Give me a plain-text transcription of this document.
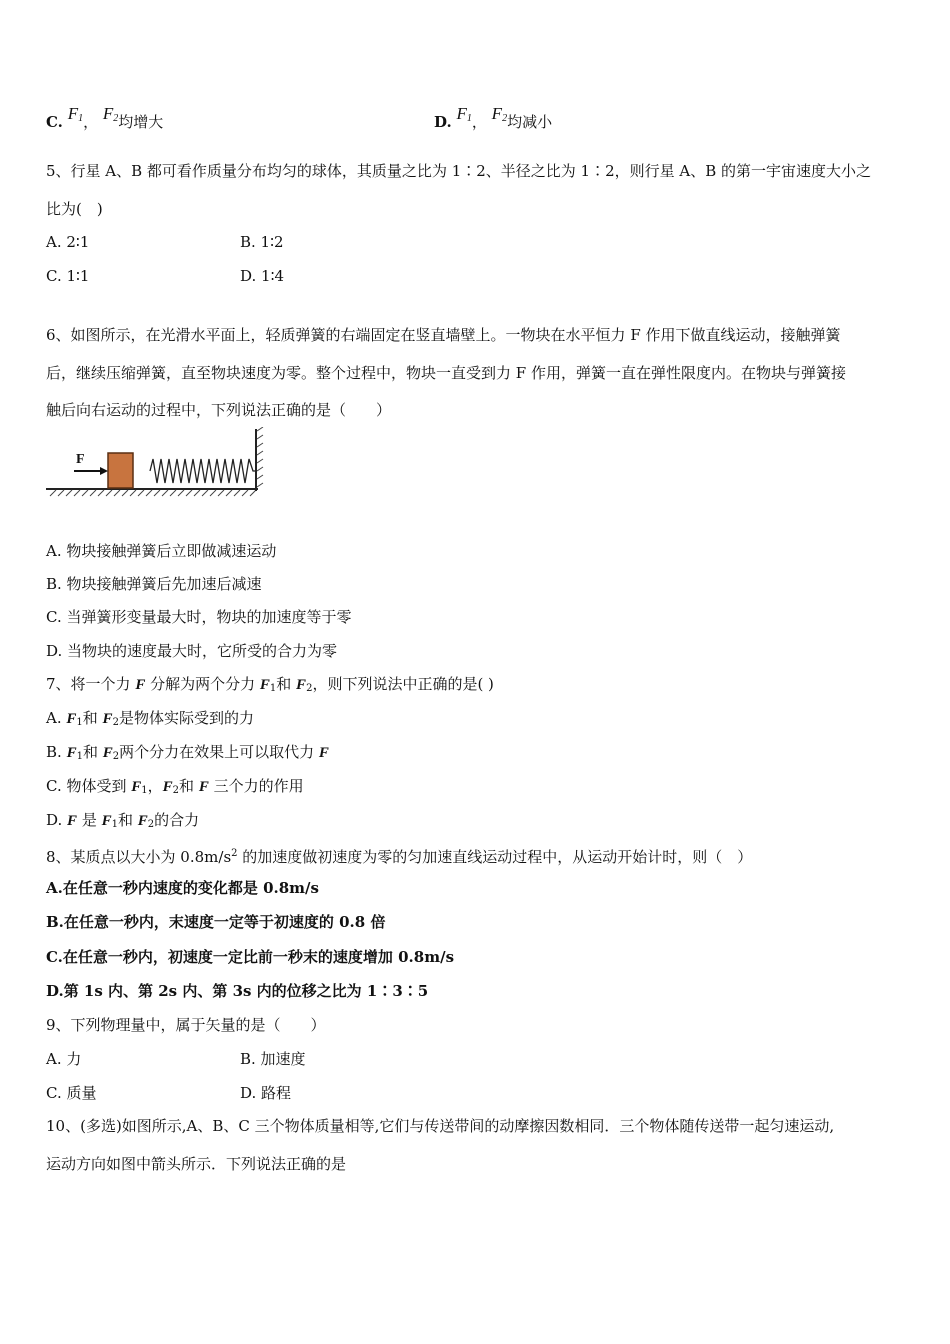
C. $F_1$， $F_2$均增大	D. $F_1$， $F_2$均减小
5、行星 A、B 都可看作质量分布均匀的球体，其质量之比为 1∶2、半径之比为 1∶2，则行星 A、B 的第一宇宙速度大小之
比为(　)
A. 2∶1	B. 1∶2
C. 1∶1	D. 1∶4
6、如图所示，在光滑水平面上，轻质弹簧的右端固定在竖直墙壁上。一物块在水平恒力 F 作用下做直线运动，接触弹簧
后，继续压缩弹簧，直至物块速度为零。整个过程中，物块一直受到力 F 作用，弹簧一直在弹性限度内。在物块与弹簧接
触后向右运动的过程中，下列说法正确的是（　　）
F
A. 物块接触弹簧后立即做减速运动
B. 物块接触弹簧后先加速后减速
C. 当弹簧形变量最大时，物块的加速度等于零
D. 当物块的速度最大时，它所受的合力为零
7、将一个力 F 分解为两个分力 $F_1$和 $F_2$，则下列说法中正确的是( )
A. $F_1$和 $F_2$是物体实际受到的力
B. $F_1$和 $F_2$两个分力在效果上可以取代力 F
C. 物体受到 $F_1$，$F_2$和 F 三个力的作用
D. F 是 $F_1$和 $F_2$的合力
8、某质点以大小为 $0.8m/s^2$ 的加速度做初速度为零的匀加速直线运动过程中，从运动开始计时，则（　）
A.在任意一秒内速度的变化都是 0.8m/s
B.在任意一秒内，末速度一定等于初速度的 0.8 倍
C.在任意一秒内，初速度一定比前一秒末的速度增加 0.8m/s
D.第 1s 内、第 2s 内、第 3s 内的位移之比为 1∶3∶5
9、下列物理量中，属于矢量的是（　　）
A. 力	B. 加速度
C. 质量	D. 路程
10、(多选)如图所示,A、B、C 三个物体质量相等,它们与传送带间的动摩擦因数相同．三个物体随传送带一起匀速运动,
运动方向如图中箭头所示．下列说法正确的是
